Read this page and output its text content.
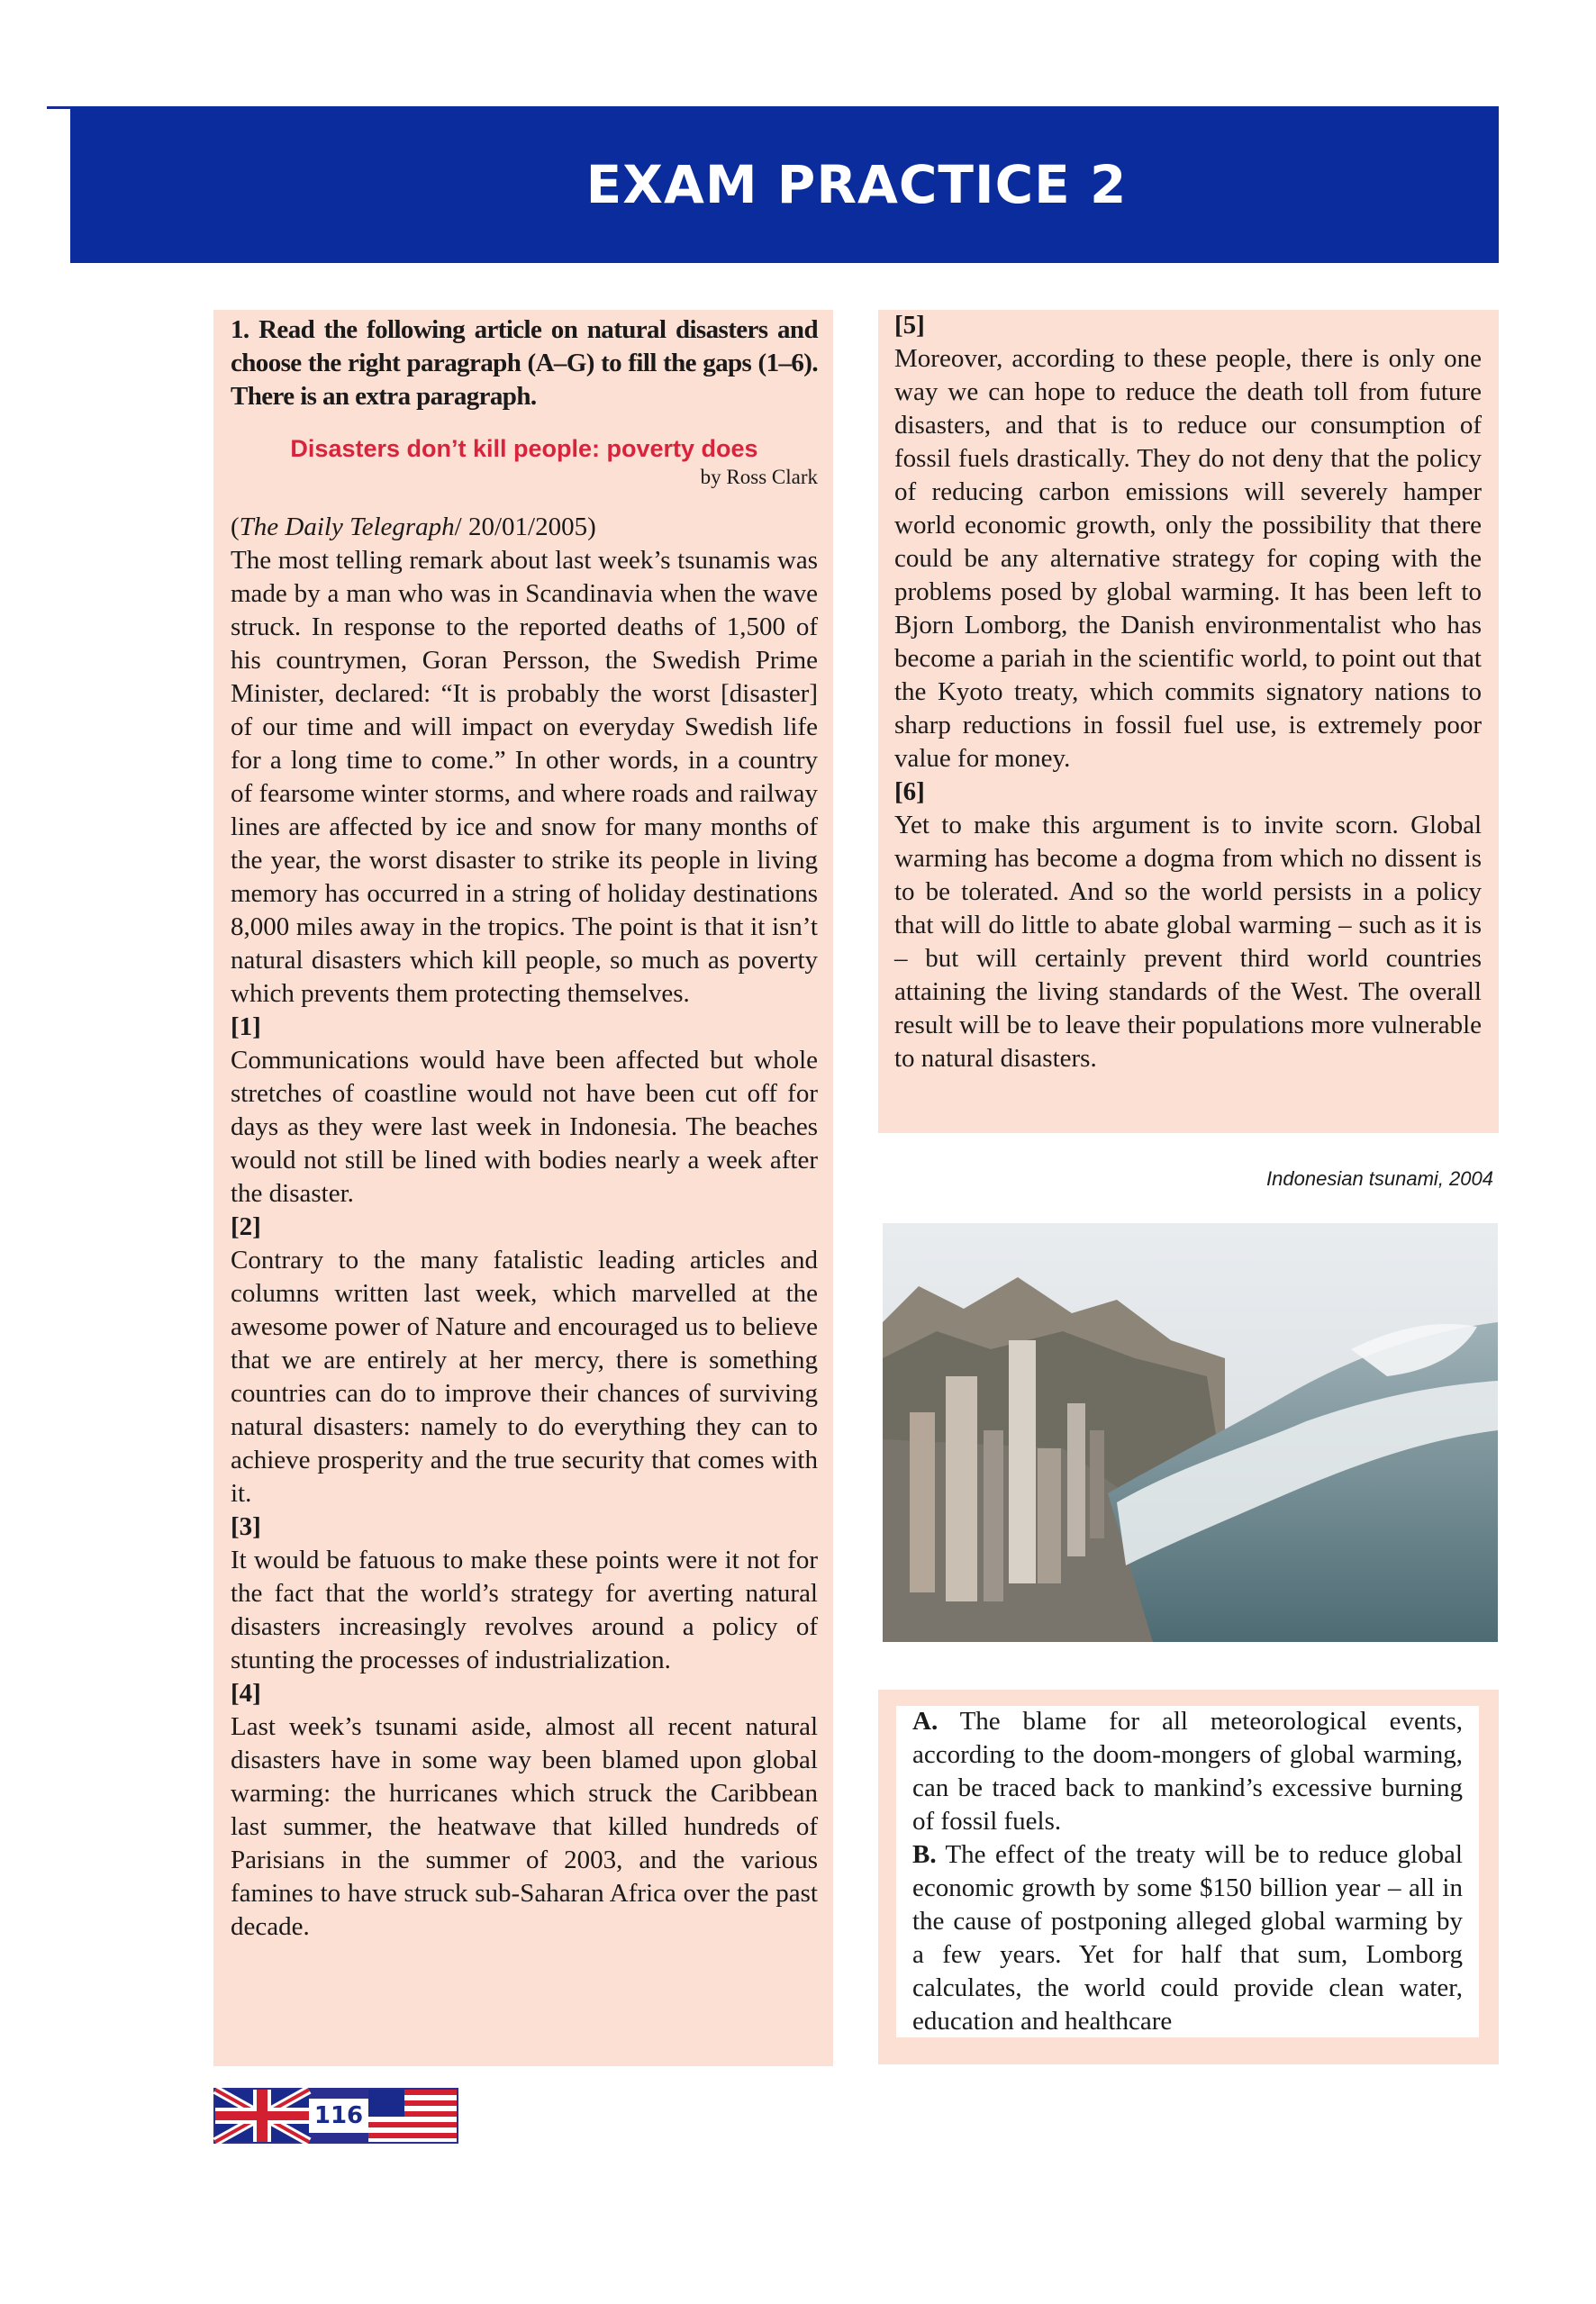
EXAM PRACTICE 2
1. Read the following article on natural disasters and choose the right paragraph (A–G) to fill the gaps (1–6). There is an extra paragraph.
Disasters don’t kill people: poverty does
by Ross Clark
(The Daily Telegraph/ 20/01/2005)
The most telling remark about last week’s tsunamis was made by a man who was in Scandinavia when the wave struck. In response to the reported deaths of 1,500 of his countrymen, Goran Persson, the Swedish Prime Minister, declared: “It is probably the worst [disaster] of our time and will impact on everyday Swedish life for a long time to come.” In other words, in a country of fearsome winter storms, and where roads and railway lines are affected by ice and snow for many months of the year, the worst disaster to strike its people in living memory has occurred in a string of holiday destinations 8,000 miles away in the tropics. The point is that it isn’t natural disasters which kill people, so much as poverty which prevents them protecting themselves.
[1]
Communications would have been affected but whole stretches of coastline would not have been cut off for days as they were last week in Indonesia. The beaches would not still be lined with bodies nearly a week after the disaster.
[2]
Contrary to the many fatalistic leading articles and columns written last week, which marvelled at the awesome power of Nature and encouraged us to believe that we are entirely at her mercy, there is something countries can do to improve their chances of surviving natural disasters: namely to do everything they can to achieve prosperity and the true security that comes with it.
[3]
It would be fatuous to make these points were it not for the fact that the world’s strategy for averting natural disasters increasingly revolves around a policy of stunting the processes of industrialization.
[4]
Last week’s tsunami aside, almost all recent natural disasters have in some way been blamed upon global warming: the hurricanes which struck the Caribbean last summer, the heatwave that killed hundreds of Parisians in the summer of 2003, and the various famines to have struck sub-Saharan Africa over the past decade.
[5]
Moreover, according to these people, there is only one way we can hope to reduce the death toll from future disasters, and that is to reduce our consumption of fossil fuels drastically. They do not deny that the policy of reducing carbon emissions will severely hamper world economic growth, only the possibility that there could be any alternative strategy for coping with the problems posed by global warming. It has been left to Bjorn Lomborg, the Danish environmentalist who has become a pariah in the scientific world, to point out that the Kyoto treaty, which commits signatory nations to sharp reductions in fossil fuel use, is extremely poor value for money.
[6]
Yet to make this argument is to invite scorn. Global warming has become a dogma from which no dissent is to be tolerated. And so the world persists in a policy that will do little to abate global warming – such as it is – but will certainly prevent third world countries attaining the living standards of the West. The overall result will be to leave their populations more vulnerable to natural disasters.
Indonesian tsunami, 2004
A. The blame for all meteorological events, according to the doom-mongers of global warming, can be traced back to mankind’s excessive burning of fossil fuels.
B. The effect of the treaty will be to reduce global economic growth by some $150 billion year – all in the cause of postponing alleged global warming by a few years. Yet for half that sum, Lomborg calculates, the world could provide clean water, education and healthcare
116
